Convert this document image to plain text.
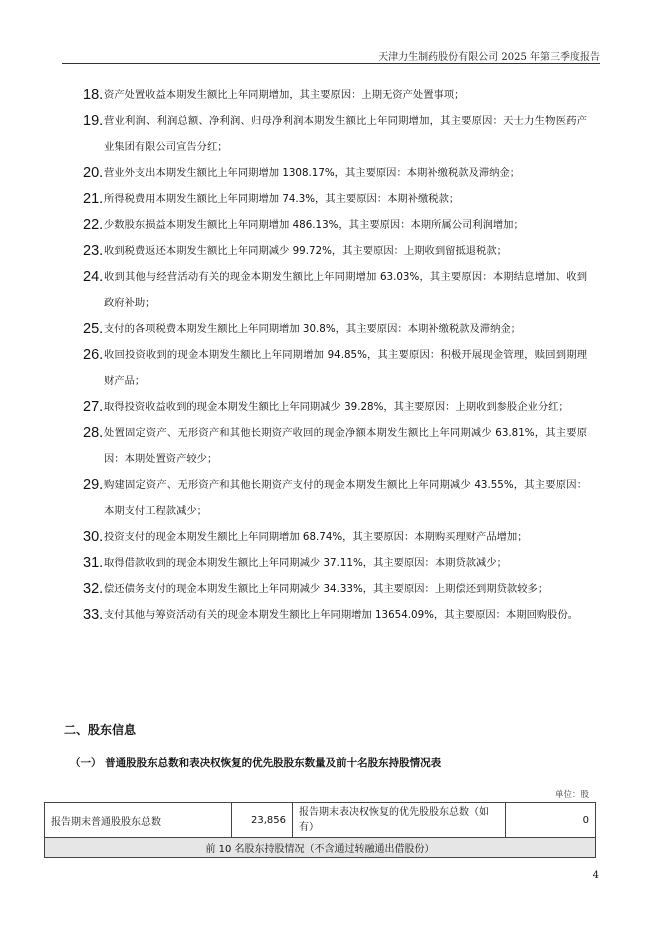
天津力生制药股份有限公司 2025 年第三季度报告
18. 资产处置收益本期发生额比上年同期增加，其主要原因：上期无资产处置事项；
19. 营业利润、利润总额、净利润、归母净利润本期发生额比上年同期增加，其主要原因：天士力生物医药产业集团有限公司宣告分红；
20. 营业外支出本期发生额比上年同期增加 1308.17%，其主要原因：本期补缴税款及滞纳金；
21. 所得税费用本期发生额比上年同期增加 74.3%，其主要原因：本期补缴税款；
22. 少数股东损益本期发生额比上年同期增加 486.13%，其主要原因：本期所属公司利润增加；
23. 收到税费返还本期发生额比上年同期减少 99.72%，其主要原因：上期收到留抵退税款；
24. 收到其他与经营活动有关的现金本期发生额比上年同期增加 63.03%，其主要原因：本期结息增加、收到政府补助；
25. 支付的各项税费本期发生额比上年同期增加 30.8%，其主要原因：本期补缴税款及滞纳金；
26. 收回投资收到的现金本期发生额比上年同期增加 94.85%，其主要原因：积极开展现金管理，赎回到期理财产品；
27. 取得投资收益收到的现金本期发生额比上年同期减少 39.28%，其主要原因：上期收到参股企业分红；
28. 处置固定资产、无形资产和其他长期资产收回的现金净额本期发生额比上年同期减少 63.81%，其主要原因：本期处置资产较少；
29. 购建固定资产、无形资产和其他长期资产支付的现金本期发生额比上年同期减少 43.55%，其主要原因：本期支付工程款减少；
30. 投资支付的现金本期发生额比上年同期增加 68.74%，其主要原因：本期购买理财产品增加；
31. 取得借款收到的现金本期发生额比上年同期减少 37.11%，其主要原因：本期贷款减少；
32. 偿还债务支付的现金本期发生额比上年同期减少 34.33%，其主要原因：上期偿还到期贷款较多；
33. 支付其他与筹资活动有关的现金本期发生额比上年同期增加 13654.09%，其主要原因：本期回购股份。
二、股东信息
（一） 普通股股东总数和表决权恢复的优先股股东数量及前十名股东持股情况表
单位：股
报告期末普通股股东总数	23,856	报告期末表决权恢复的优先股股东总数（如有）	0
前 10 名股东持股情况（不含通过转融通出借股份）
4
